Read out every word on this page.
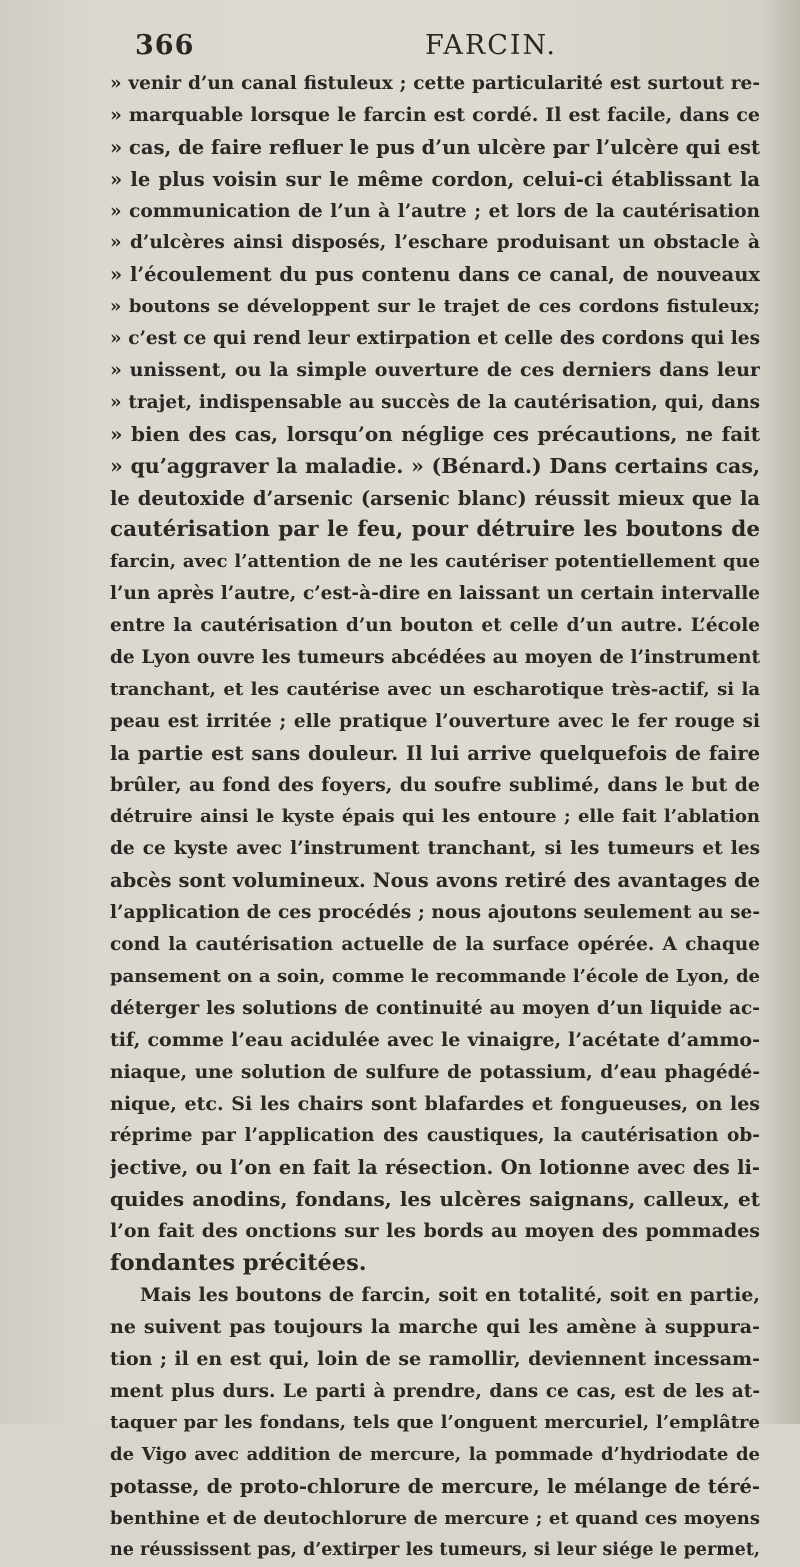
366	FARCIN.
» venir d’un canal fistuleux ; cette particularité est surtout re-
» marquable lorsque le farcin est cordé. Il est facile, dans ce
» cas, de faire refluer le pus d’un ulcère par l’ulcère qui est
» le plus voisin sur le même cordon, celui-ci établissant la
» communication de l’un à l’autre ; et lors de la cautérisation
» d’ulcères ainsi disposés, l’eschare produisant un obstacle à
» l’écoulement du pus contenu dans ce canal, de nouveaux
» boutons se développent sur le trajet de ces cordons fistuleux;
» c’est ce qui rend leur extirpation et celle des cordons qui les
» unissent, ou la simple ouverture de ces derniers dans leur
» trajet, indispensable au succès de la cautérisation, qui, dans
» bien des cas, lorsqu’on néglige ces précautions, ne fait
» qu’aggraver la maladie. » (Bénard.) Dans certains cas,
le deutoxide d’arsenic (arsenic blanc) réussit mieux que la
cautérisation par le feu, pour détruire les boutons de
farcin, avec l’attention de ne les cautériser potentiellement que
l’un après l’autre, c’est-à-dire en laissant un certain intervalle
entre la cautérisation d’un bouton et celle d’un autre. L’école
de Lyon ouvre les tumeurs abcédées au moyen de l’instrument
tranchant, et les cautérise avec un escharotique très-actif, si la
peau est irritée ; elle pratique l’ouverture avec le fer rouge si
la partie est sans douleur. Il lui arrive quelquefois de faire
brûler, au fond des foyers, du soufre sublimé, dans le but de
détruire ainsi le kyste épais qui les entoure ; elle fait l’ablation
de ce kyste avec l’instrument tranchant, si les tumeurs et les
abcès sont volumineux. Nous avons retiré des avantages de
l’application de ces procédés ; nous ajoutons seulement au se-
cond la cautérisation actuelle de la surface opérée. A chaque
pansement on a soin, comme le recommande l’école de Lyon, de
déterger les solutions de continuité au moyen d’un liquide ac-
tif, comme l’eau acidulée avec le vinaigre, l’acétate d’ammo-
niaque, une solution de sulfure de potassium, d’eau phagédé-
nique, etc. Si les chairs sont blafardes et fongueuses, on les
réprime par l’application des caustiques, la cautérisation ob-
jective, ou l’on en fait la résection. On lotionne avec des li-
quides anodins, fondans, les ulcères saignans, calleux, et
l’on fait des onctions sur les bords au moyen des pommades
fondantes précitées.
Mais les boutons de farcin, soit en totalité, soit en partie,
ne suivent pas toujours la marche qui les amène à suppura-
tion ; il en est qui, loin de se ramollir, deviennent incessam-
ment plus durs. Le parti à prendre, dans ce cas, est de les at-
taquer par les fondans, tels que l’onguent mercuriel, l’emplâtre
de Vigo avec addition de mercure, la pommade d’hydriodate de
potasse, de proto-chlorure de mercure, le mélange de téré-
benthine et de deutochlorure de mercure ; et quand ces moyens
ne réussissent pas, d’extirper les tumeurs, si leur siége le permet,
